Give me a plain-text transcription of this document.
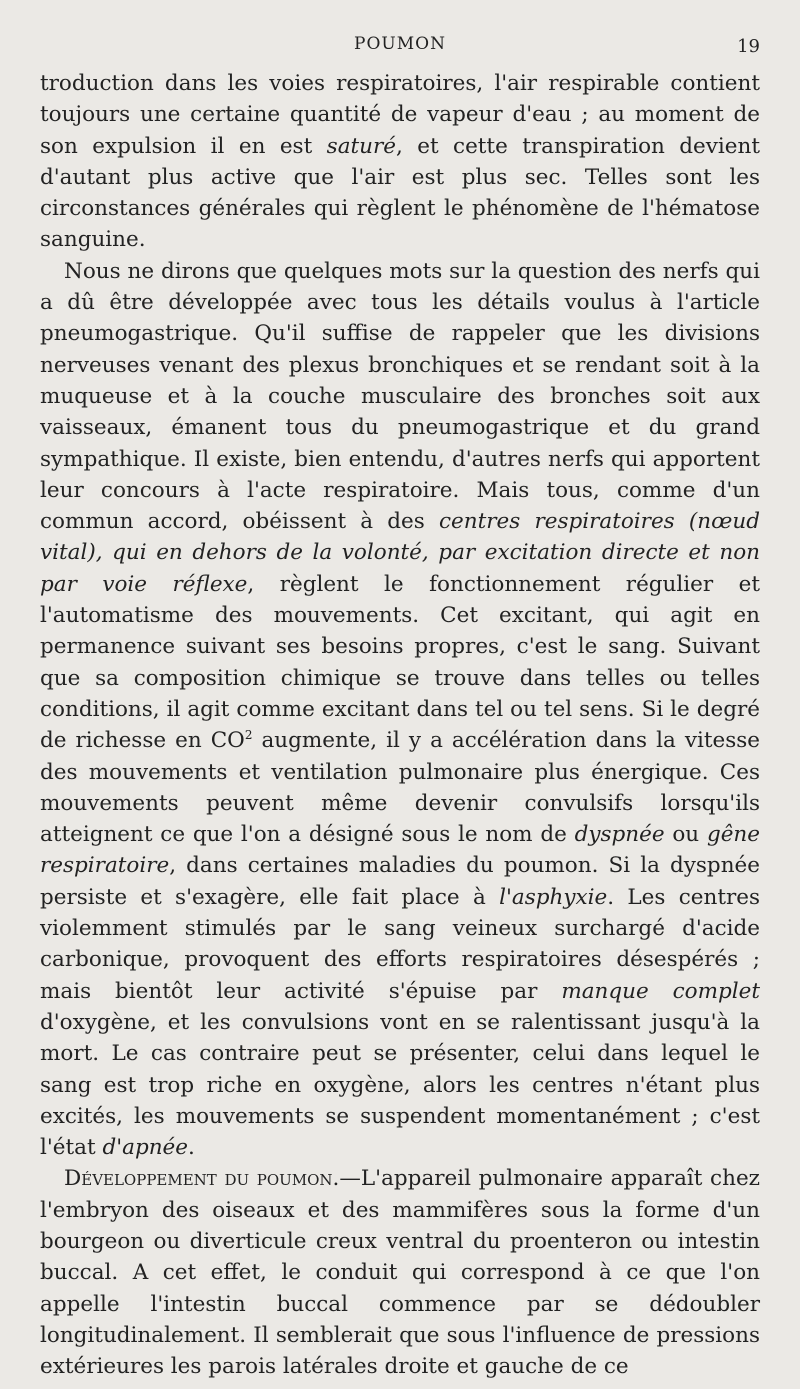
POUMON	19

troduction dans les voies respiratoires, l'air respirable contient toujours une certaine quantité de vapeur d'eau ; au moment de son expulsion il en est saturé, et cette transpiration devient d'autant plus active que l'air est plus sec. Telles sont les circonstances générales qui règlent le phénomène de l'hématose sanguine.

Nous ne dirons que quelques mots sur la question des nerfs qui a dû être développée avec tous les détails voulus à l'article pneumogastrique. Qu'il suffise de rappeler que les divisions nerveuses venant des plexus bronchiques et se rendant soit à la muqueuse et à la couche musculaire des bronches soit aux vaisseaux, émanent tous du pneumogastrique et du grand sympathique. Il existe, bien entendu, d'autres nerfs qui apportent leur concours à l'acte respiratoire. Mais tous, comme d'un commun accord, obéissent à des centres respiratoires (nœud vital), qui en dehors de la volonté, par excitation directe et non par voie réflexe, règlent le fonctionnement régulier et l'automatisme des mouvements. Cet excitant, qui agit en permanence suivant ses besoins propres, c'est le sang. Suivant que sa composition chimique se trouve dans telles ou telles conditions, il agit comme excitant dans tel ou tel sens. Si le degré de richesse en $CO^2$ augmente, il y a accélération dans la vitesse des mouvements et ventilation pulmonaire plus énergique. Ces mouvements peuvent même devenir convulsifs lorsqu'ils atteignent ce que l'on a désigné sous le nom de dyspnée ou gêne respiratoire, dans certaines maladies du poumon. Si la dyspnée persiste et s'exagère, elle fait place à l'asphyxie. Les centres violemment stimulés par le sang veineux surchargé d'acide carbonique, provoquent des efforts respiratoires désespérés ; mais bientôt leur activité s'épuise par manque complet d'oxygène, et les convulsions vont en se ralentissant jusqu'à la mort. Le cas contraire peut se présenter, celui dans lequel le sang est trop riche en oxygène, alors les centres n'étant plus excités, les mouvements se suspendent momentanément ; c'est l'état d'apnée.

Développement du poumon.—L'appareil pulmonaire apparaît chez l'embryon des oiseaux et des mammifères sous la forme d'un bourgeon ou diverticule creux ventral du proenteron ou intestin buccal. A cet effet, le conduit qui correspond à ce que l'on appelle l'intestin buccal commence par se dédoubler longitudinalement. Il semblerait que sous l'influence de pressions extérieures les parois latérales droite et gauche de ce
